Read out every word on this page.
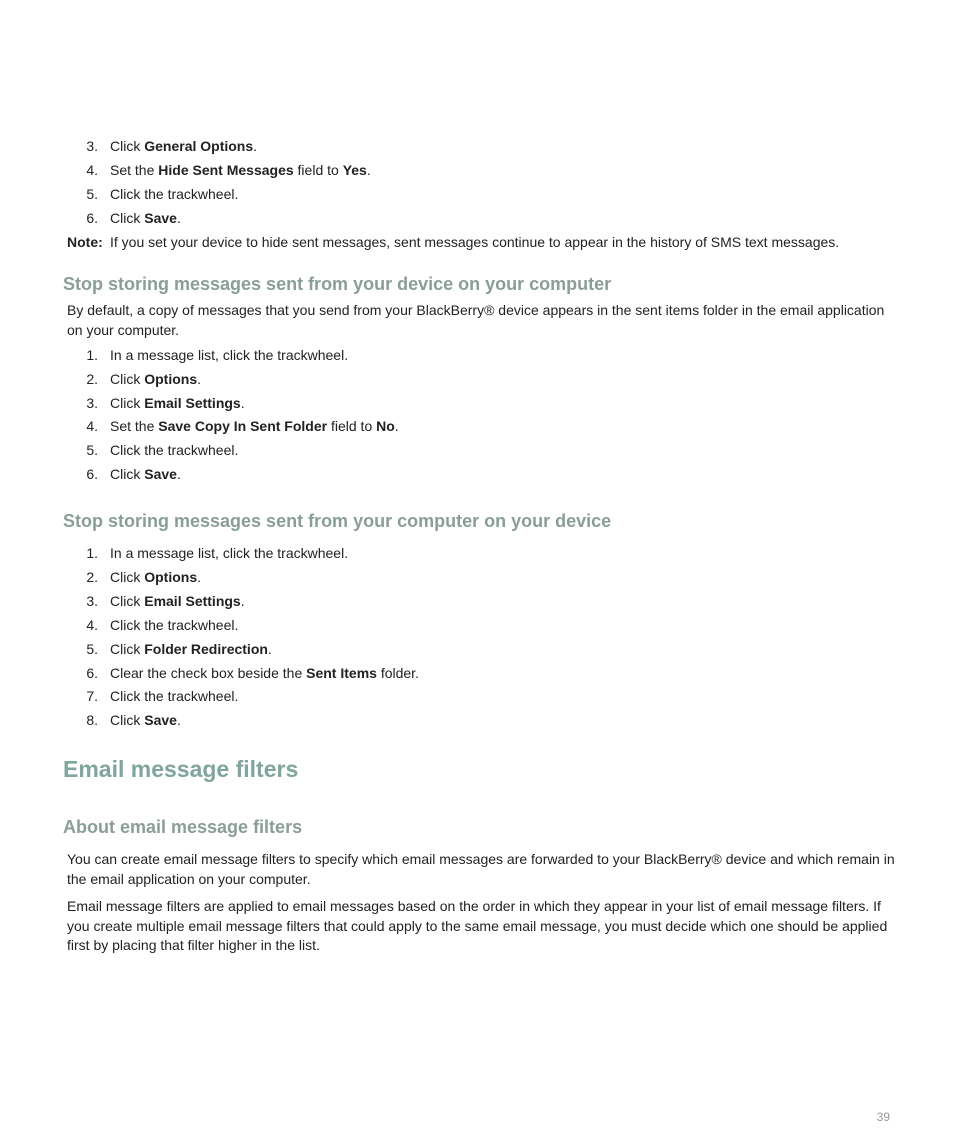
3. Click General Options.
4. Set the Hide Sent Messages field to Yes.
5. Click the trackwheel.
6. Click Save.
Note: If you set your device to hide sent messages, sent messages continue to appear in the history of SMS text messages.
Stop storing messages sent from your device on your computer
By default, a copy of messages that you send from your BlackBerry® device appears in the sent items folder in the email application on your computer.
1. In a message list, click the trackwheel.
2. Click Options.
3. Click Email Settings.
4. Set the Save Copy In Sent Folder field to No.
5. Click the trackwheel.
6. Click Save.
Stop storing messages sent from your computer on your device
1. In a message list, click the trackwheel.
2. Click Options.
3. Click Email Settings.
4. Click the trackwheel.
5. Click Folder Redirection.
6. Clear the check box beside the Sent Items folder.
7. Click the trackwheel.
8. Click Save.
Email message filters
About email message filters
You can create email message filters to specify which email messages are forwarded to your BlackBerry® device and which remain in the email application on your computer.
Email message filters are applied to email messages based on the order in which they appear in your list of email message filters. If you create multiple email message filters that could apply to the same email message, you must decide which one should be applied first by placing that filter higher in the list.
39
